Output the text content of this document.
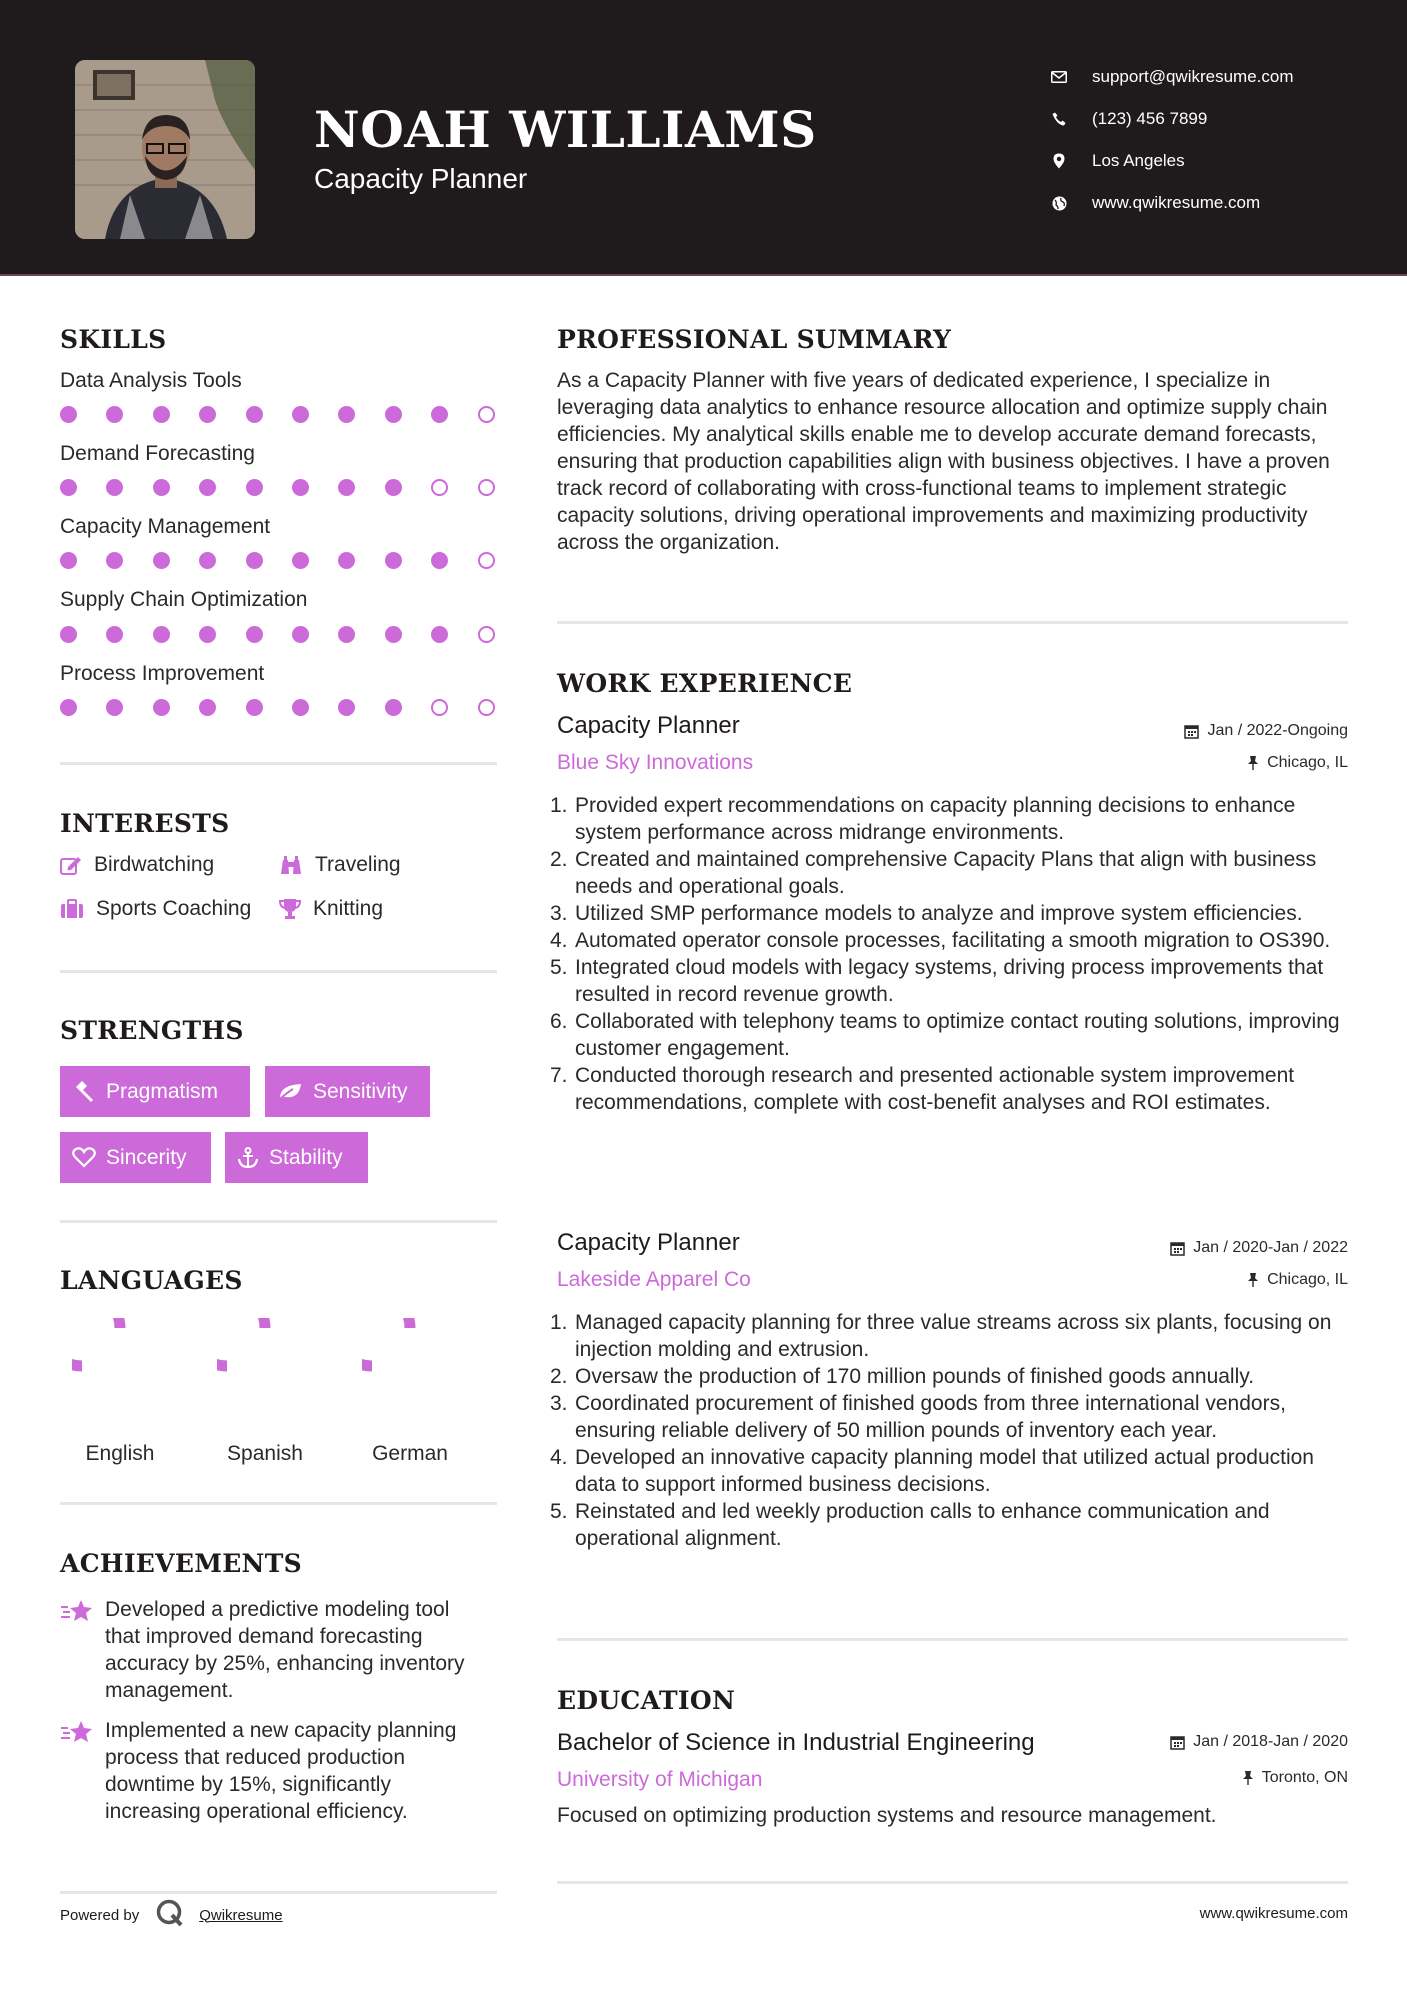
NOAH WILLIAMS
Capacity Planner
support@qwikresume.com
(123) 456 7899
Los Angeles
www.qwikresume.com
SKILLS
Data Analysis Tools
Demand Forecasting
Capacity Management
Supply Chain Optimization
Process Improvement
INTERESTS
Birdwatching	Traveling
Sports Coaching	Knitting
STRENGTHS
Pragmatism	Sensitivity
Sincerity	Stability
LANGUAGES
English	Spanish	German
ACHIEVEMENTS
Developed a predictive modeling tool that improved demand forecasting accuracy by 25%, enhancing inventory management.
Implemented a new capacity planning process that reduced production downtime by 15%, significantly increasing operational efficiency.
PROFESSIONAL SUMMARY
As a Capacity Planner with five years of dedicated experience, I specialize in leveraging data analytics to enhance resource allocation and optimize supply chain efficiencies. My analytical skills enable me to develop accurate demand forecasts, ensuring that production capabilities align with business objectives. I have a proven track record of collaborating with cross-functional teams to implement strategic capacity solutions, driving operational improvements and maximizing productivity across the organization.
WORK EXPERIENCE
Capacity Planner	Jan / 2022-Ongoing
Blue Sky Innovations	Chicago, IL
1. Provided expert recommendations on capacity planning decisions to enhance system performance across midrange environments.
2. Created and maintained comprehensive Capacity Plans that align with business needs and operational goals.
3. Utilized SMP performance models to analyze and improve system efficiencies.
4. Automated operator console processes, facilitating a smooth migration to OS390.
5. Integrated cloud models with legacy systems, driving process improvements that resulted in record revenue growth.
6. Collaborated with telephony teams to optimize contact routing solutions, improving customer engagement.
7. Conducted thorough research and presented actionable system improvement recommendations, complete with cost-benefit analyses and ROI estimates.
Capacity Planner	Jan / 2020-Jan / 2022
Lakeside Apparel Co	Chicago, IL
1. Managed capacity planning for three value streams across six plants, focusing on injection molding and extrusion.
2. Oversaw the production of 170 million pounds of finished goods annually.
3. Coordinated procurement of finished goods from three international vendors, ensuring reliable delivery of 50 million pounds of inventory each year.
4. Developed an innovative capacity planning model that utilized actual production data to support informed business decisions.
5. Reinstated and led weekly production calls to enhance communication and operational alignment.
EDUCATION
Bachelor of Science in Industrial Engineering	Jan / 2018-Jan / 2020
University of Michigan	Toronto, ON
Focused on optimizing production systems and resource management.
Powered by	Qwikresume	www.qwikresume.com
